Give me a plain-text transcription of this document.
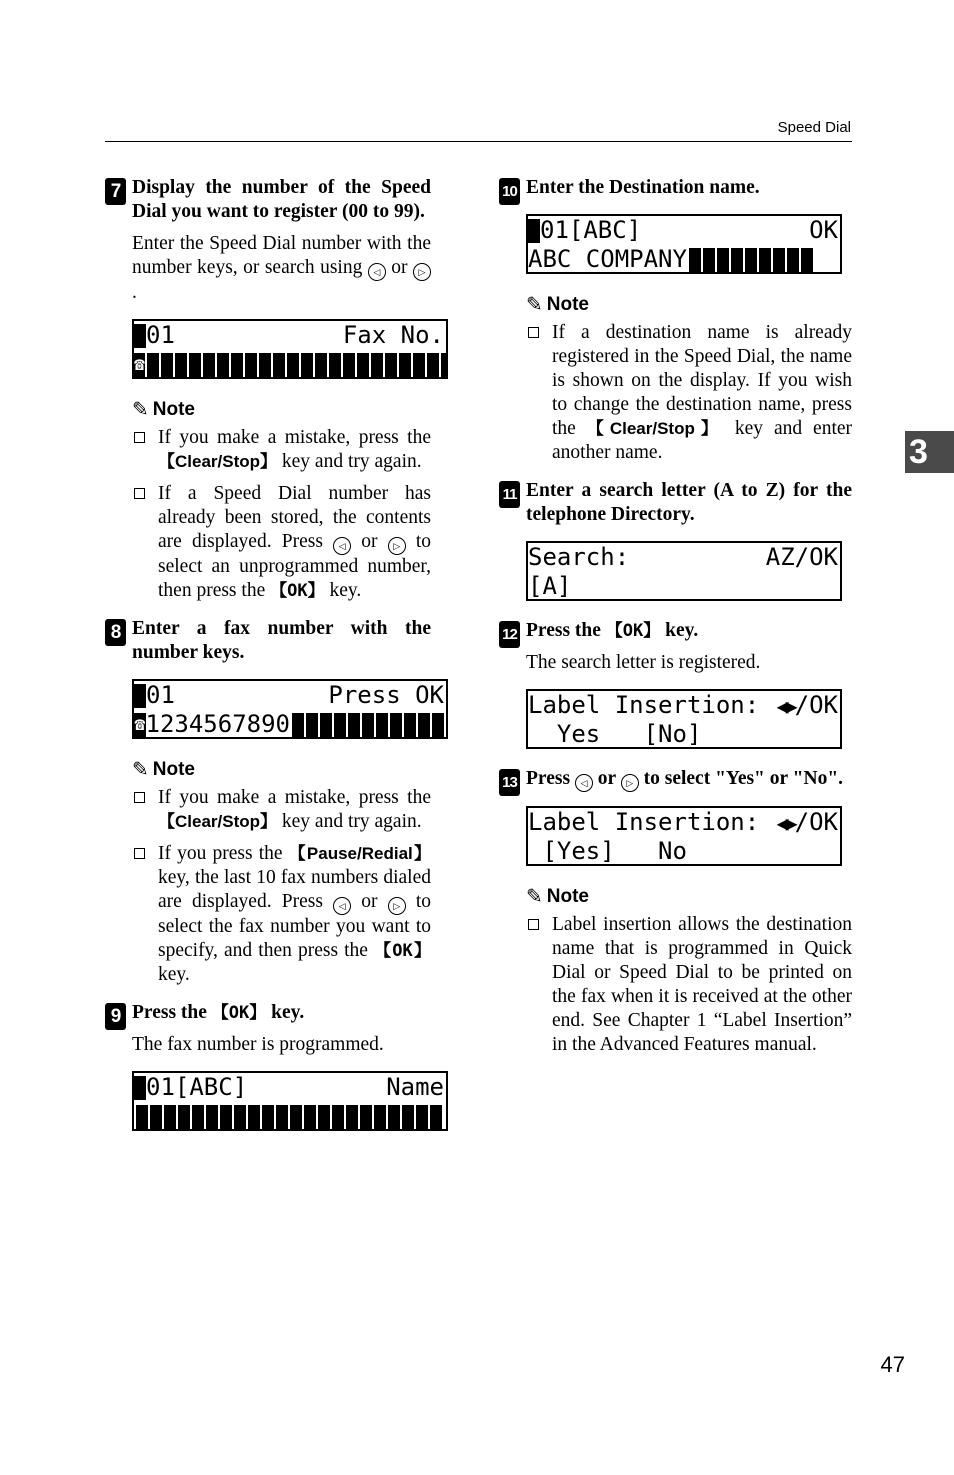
Speed Dial
7 Display the number of the Speed Dial you want to register (00 to 99).
Enter the Speed Dial number with the number keys, or search using ◁ or ▷.
01	Fax No.
☎
✎ Note
If you make a mistake, press the 【Clear/Stop】 key and try again.
If a Speed Dial number has already been stored, the contents are displayed. Press ◁ or ▷ to select an unprogrammed number, then press the 【OK】 key.
8 Enter a fax number with the number keys.
01	Press OK
☎ 1234567890
✎ Note
If you make a mistake, press the 【Clear/Stop】 key and try again.
If you press the 【Pause/Redial】 key, the last 10 fax numbers dialed are displayed. Press ◁ or ▷ to select the fax number you want to specify, and then press the 【OK】 key.
9 Press the 【OK】 key.
The fax number is programmed.
01[ABC]	Name
10 Enter the Destination name.
01[ABC]	OK
ABC COMPANY
✎ Note
If a destination name is already registered in the Speed Dial, the name is shown on the display. If you wish to change the destination name, press the 【Clear/Stop】 key and enter another name.
11 Enter a search letter (A to Z) for the telephone Directory.
Search:	AZ/OK
[A]
12 Press the 【OK】 key.
The search letter is registered.
Label Insertion: ◀▶/OK
Yes   [No]
13 Press ◁ or ▷ to select "Yes" or "No".
Label Insertion: ◀▶/OK
[Yes]   No
✎ Note
Label insertion allows the destination name that is programmed in Quick Dial or Speed Dial to be printed on the fax when it is received at the other end. See Chapter 1 “Label Insertion” in the Advanced Features manual.
3
47
